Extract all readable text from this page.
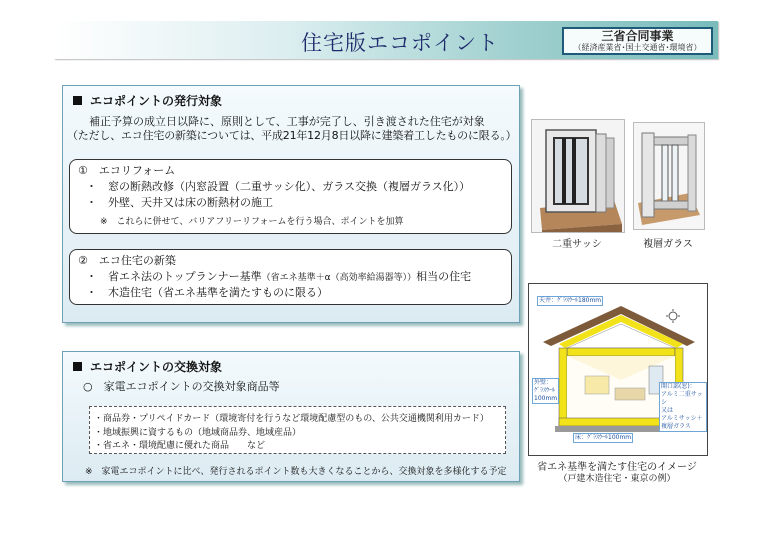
住宅版エコポイント	三省合同事業
（経済産業省･国土交通省･環境省）
エコポイントの発行対象
補正予算の成立日以降に、原則として、工事が完了し、引き渡された住宅が対象
（ただし、エコ住宅の新築については、平成21年12月8日以降に建築着工したものに限る。）
①　エコリフォーム
・　窓の断熱改修（内窓設置（二重サッシ化）、ガラス交換（複層ガラス化））
・　外壁、天井又は床の断熱材の施工
※　これらに併せて、バリアフリーリフォームを行う場合、ポイントを加算
②　エコ住宅の新築
・　省エネ法のトップランナー基準（省エネ基準＋α（高効率給湯器等））相当の住宅
・　木造住宅（省エネ基準を満たすものに限る）
エコポイントの交換対象
○　家電エコポイントの交換対象商品等
・商品券・プリペイドカード（環境寄付を行うなど環境配慮型のもの、公共交通機関利用カード）
・地域振興に資するもの（地域商品券、地域産品）
・省エネ・環境配慮に優れた商品　　など
※　家電エコポイントに比べ、発行されるポイント数も大きくなることから、交換対象を多様化する予定
二重サッシ	複層ガラス
天井：ｸﾞﾗｽｳｰﾙ180mm
外壁：
ｸﾞﾗｽｳｰﾙ
100mm
開口部(窓)：
アルミ二重サッシ
又は
アルミサッシ＋
複層ガラス
床：ｸﾞﾗｽｳｰﾙ100mm
省エネ基準を満たす住宅のイメージ
（戸建木造住宅・東京の例）
